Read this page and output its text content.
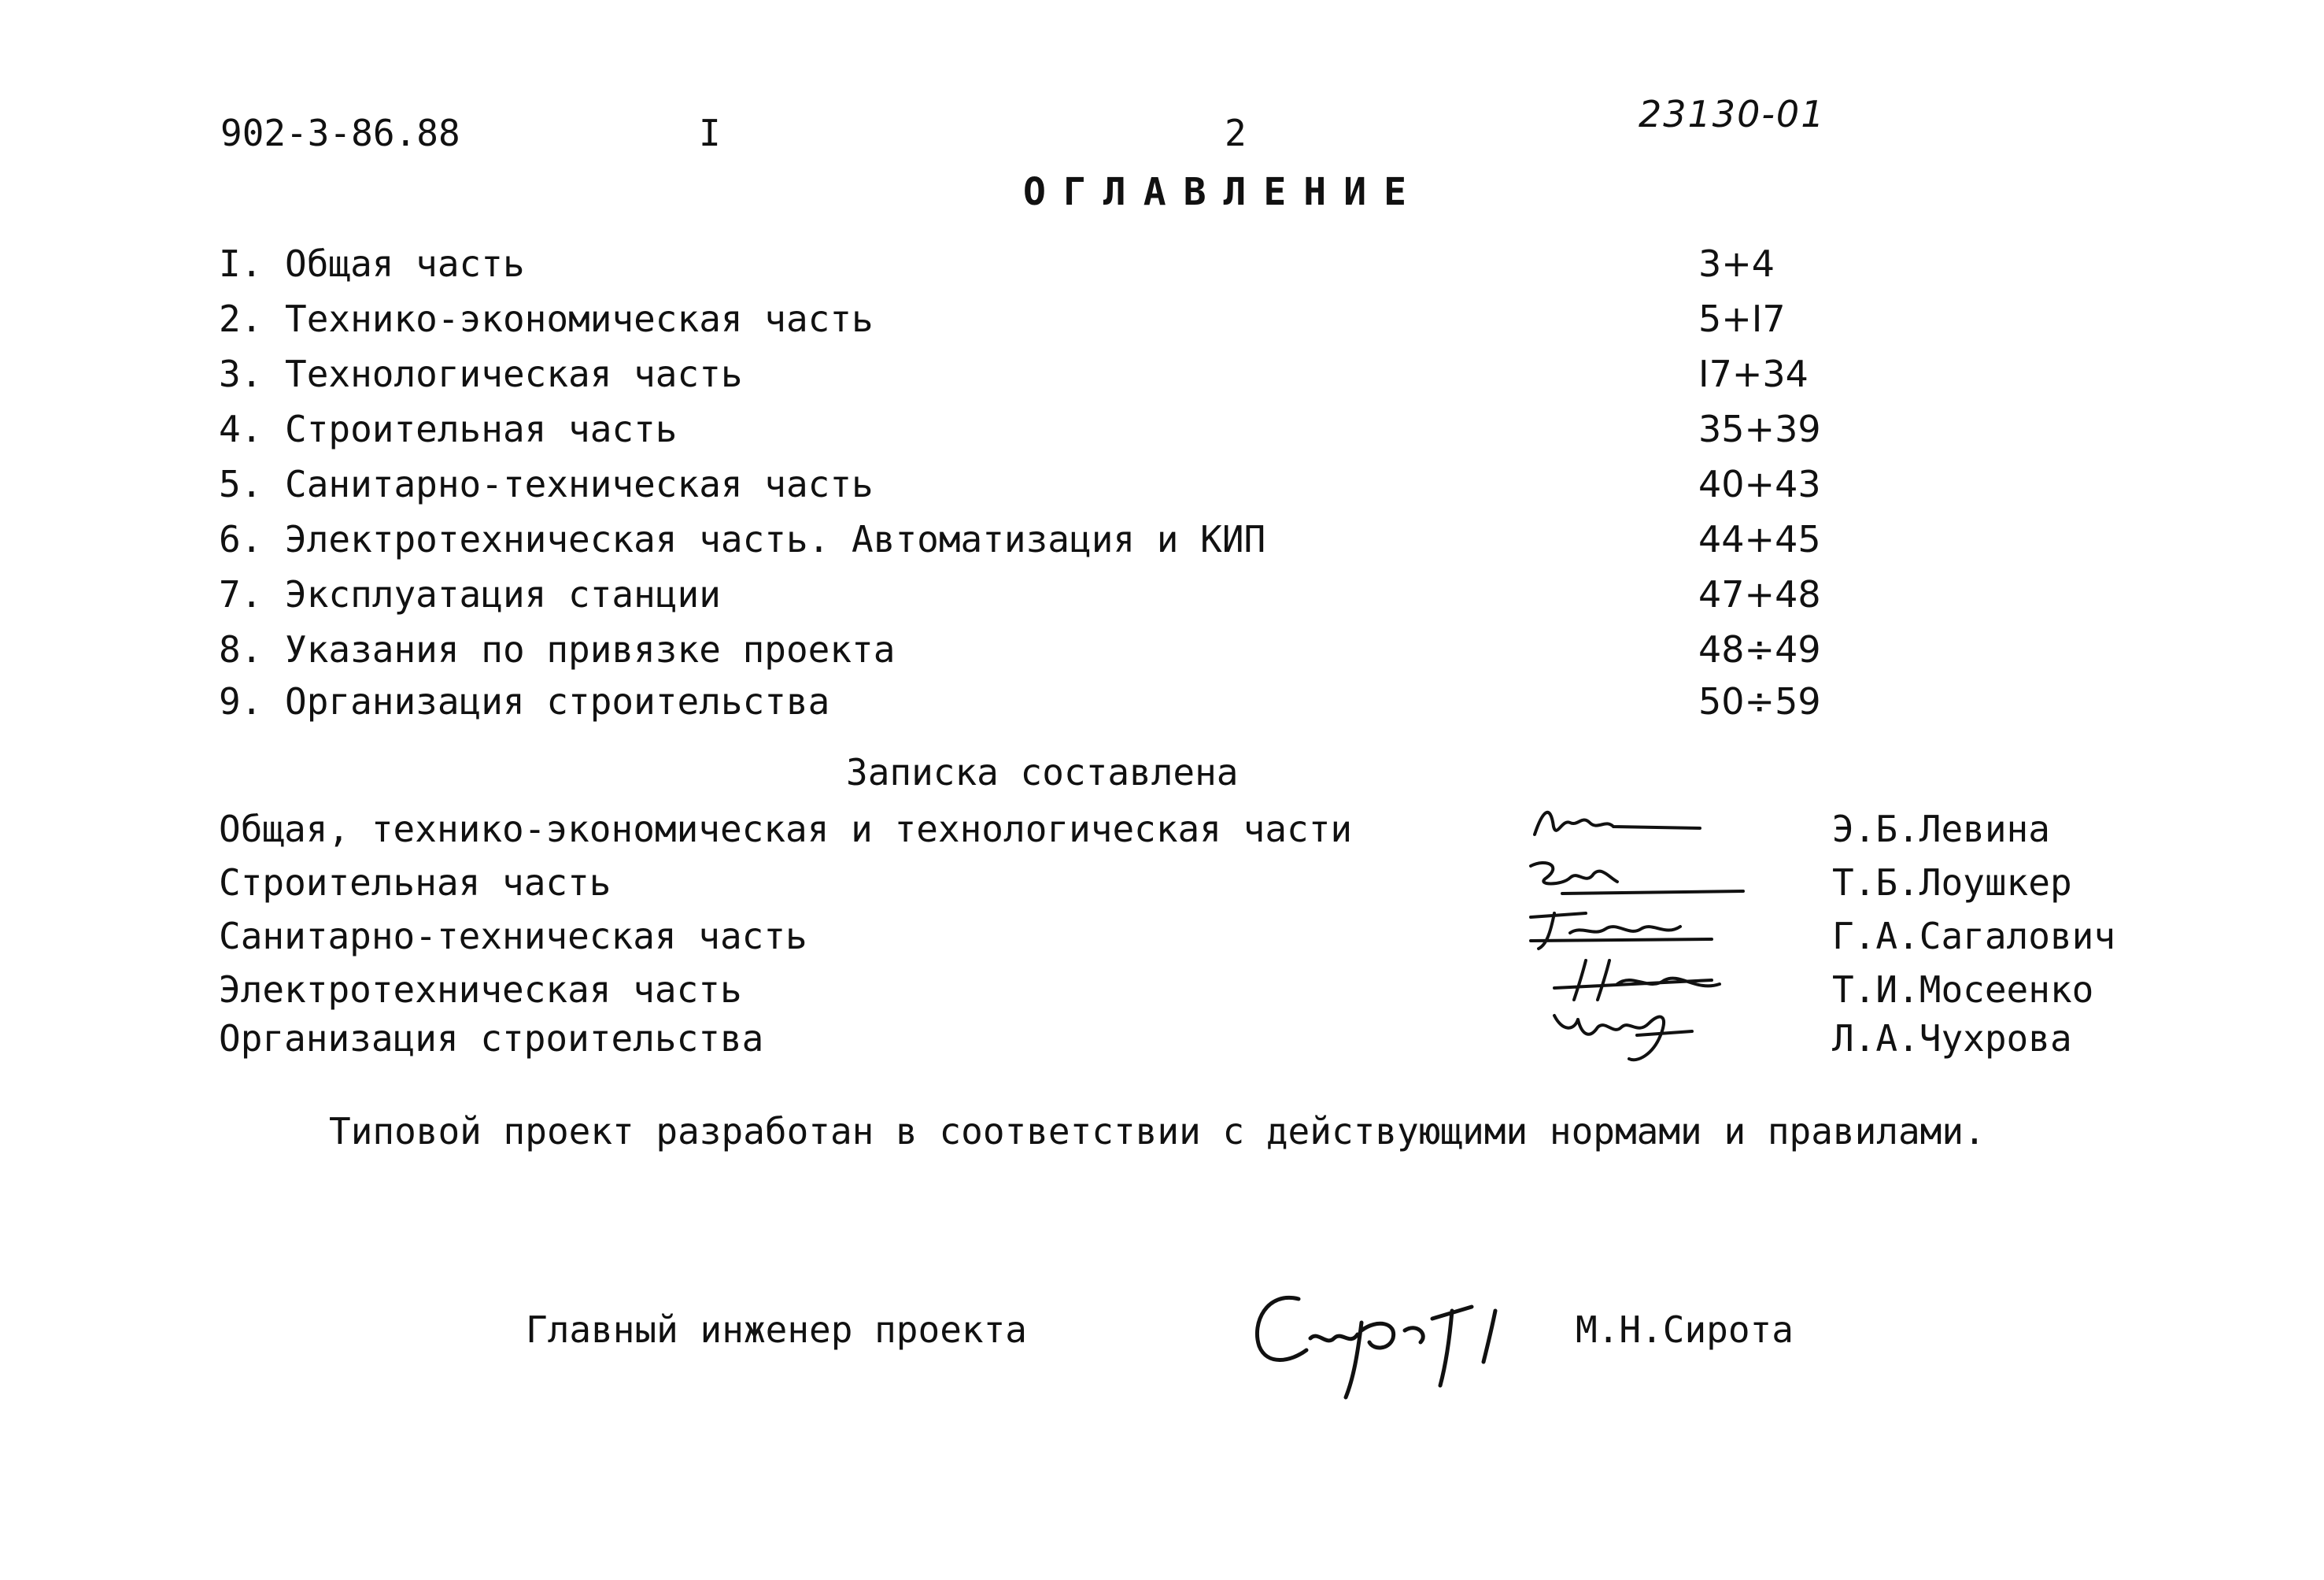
902-3-86.88	I	2	23130-01
ОГЛАВЛЕНИЕ
I. Общая часть	3+4
2. Технико-экономическая часть	5+I7
3. Технологическая часть	I7+34
4. Строительная часть	35+39
5. Санитарно-техническая часть	40+43
6. Электротехническая часть. Автоматизация и КИП	44+45
7. Эксплуатация станции	47+48
8. Указания по привязке проекта	48÷49
9. Организация строительства	50÷59
Записка составлена
Общая, технико-экономическая и технологическая части	Э.Б.Левина
Строительная часть	Т.Б.Лоушкер
Санитарно-техническая часть	Г.А.Сагалович
Электротехническая часть	Т.И.Мосеенко
Организация строительства	Л.А.Чухрова
Типовой проект разработан в соответствии с действующими нормами и правилами.
Главный инженер проекта	М.Н.Сирота
